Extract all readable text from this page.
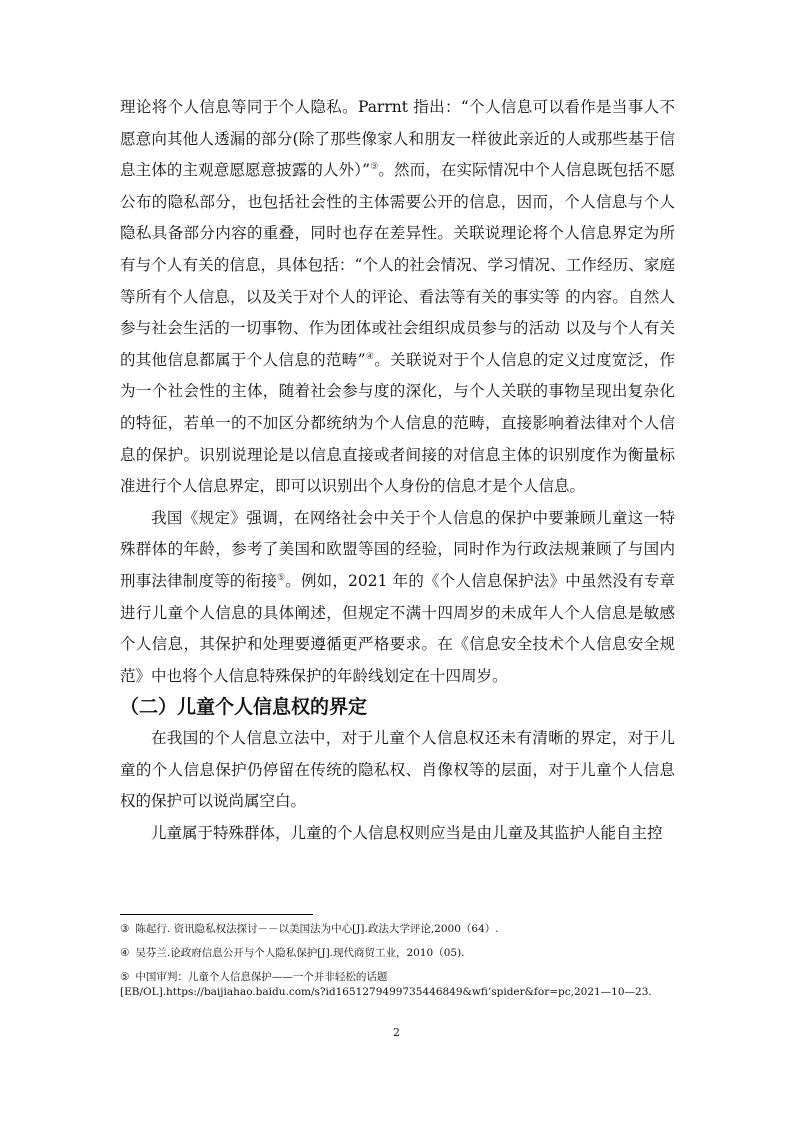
理论将个人信息等同于个人隐私。Parrnt 指出：“个人信息可以看作是当事人不愿意向其他人透漏的部分(除了那些像家人和朋友一样彼此亲近的人或那些基于信息主体的主观意愿愿意披露的人外）”③。然而，在实际情况中个人信息既包括不愿公布的隐私部分，也包括社会性的主体需要公开的信息，因而，个人信息与个人隐私具备部分内容的重叠，同时也存在差异性。关联说理论将个人信息界定为所有与个人有关的信息，具体包括：“个人的社会情况、学习情况、工作经历、家庭等所有个人信息，以及关于对个人的评论、看法等有关的事实等 的内容。自然人参与社会生活的一切事物、作为团体或社会组织成员参与的活动 以及与个人有关的其他信息都属于个人信息的范畴”④。关联说对于个人信息的定义过度宽泛，作为一个社会性的主体，随着社会参与度的深化，与个人关联的事物呈现出复杂化的特征，若单一的不加区分都统纳为个人信息的范畴，直接影响着法律对个人信息的保护。识别说理论是以信息直接或者间接的对信息主体的识别度作为衡量标准进行个人信息界定，即可以识别出个人身份的信息才是个人信息。

我国《规定》强调，在网络社会中关于个人信息的保护中要兼顾儿童这一特殊群体的年龄，参考了美国和欧盟等国的经验，同时作为行政法规兼顾了与国内刑事法律制度等的衔接⑤。例如，2021 年的《个人信息保护法》中虽然没有专章进行儿童个人信息的具体阐述，但规定不满十四周岁的未成年人个人信息是敏感个人信息，其保护和处理要遵循更严格要求。在《信息安全技术个人信息安全规范》中也将个人信息特殊保护的年龄线划定在十四周岁。

（二）儿童个人信息权的界定

在我国的个人信息立法中，对于儿童个人信息权还未有清晰的界定，对于儿童的个人信息保护仍停留在传统的隐私权、肖像权等的层面，对于儿童个人信息权的保护可以说尚属空白。

儿童属于特殊群体，儿童的个人信息权则应当是由儿童及其监护人能自主控

③ 陈起行. 资讯隐私权法探讨－－以美国法为中心[J].政法大学评论,2000（64）.

④ 吴芬兰.论政府信息公开与个人隐私保护[J].现代商贸工业，2010（05).

⑤ 中国审判：儿童个人信息保护——一个并非轻松的话题
[EB/OL].https://baijiahao.baidu.com/s?id1651279499735446849&wfi’spider&for=pc,2021—10—23.

2
